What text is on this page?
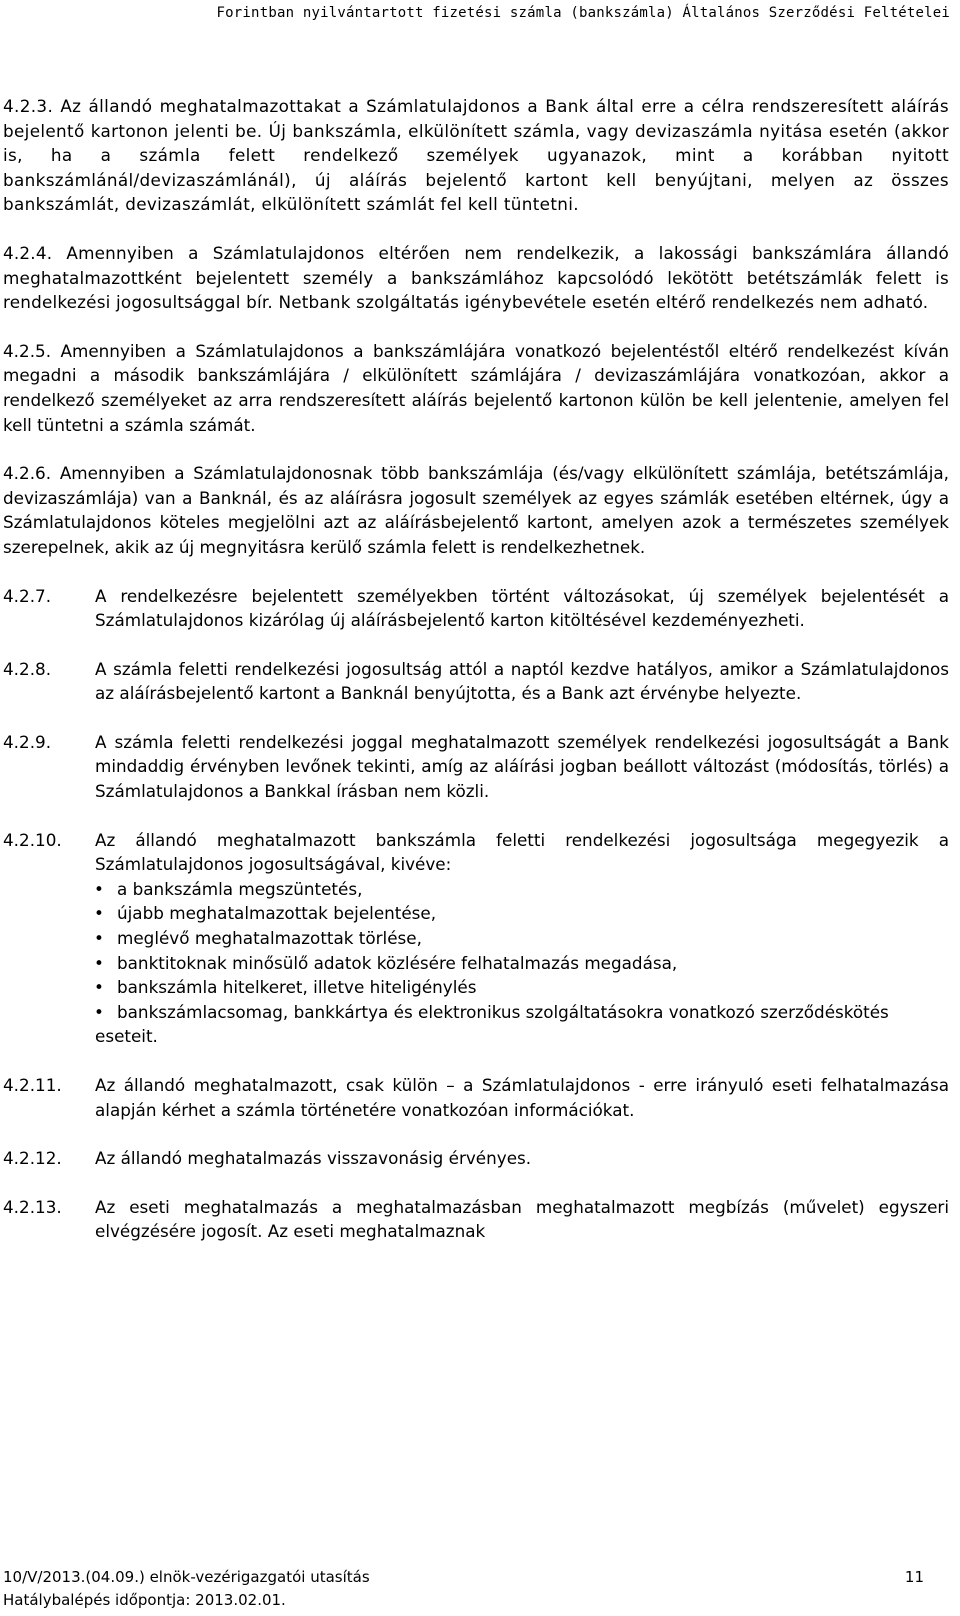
Forintban nyilvántartott fizetési számla (bankszámla) Általános Szerződési Feltételei

4.2.3. Az állandó meghatalmazottakat a Számlatulajdonos a Bank által erre a célra rendszeresített aláírás bejelentő kartonon jelenti be. Új bankszámla, elkülönített számla, vagy devizaszámla nyitása esetén (akkor is, ha a számla felett rendelkező személyek ugyanazok, mint a korábban nyitott bankszámlánál/devizaszámlánál), új aláírás bejelentő kartont kell benyújtani, melyen az összes bankszámlát, devizaszámlát, elkülönített számlát fel kell tüntetni.

4.2.4. Amennyiben a Számlatulajdonos eltérően nem rendelkezik, a lakossági bankszámlára állandó meghatalmazottként bejelentett személy a bankszámlához kapcsolódó lekötött betétszámlák felett is rendelkezési jogosultsággal bír. Netbank szolgáltatás igénybevétele esetén eltérő rendelkezés nem adható.

4.2.5. Amennyiben a Számlatulajdonos a bankszámlájára vonatkozó bejelentéstől eltérő rendelkezést kíván megadni a második bankszámlájára / elkülönített számlájára / devizaszámlájára vonatkozóan, akkor a rendelkező személyeket az arra rendszeresített aláírás bejelentő kartonon külön be kell jelentenie, amelyen fel kell tüntetni a számla számát.

4.2.6. Amennyiben a Számlatulajdonosnak több bankszámlája (és/vagy elkülönített számlája, betétszámlája, devizaszámlája) van a Banknál, és az aláírásra jogosult személyek az egyes számlák esetében eltérnek, úgy a Számlatulajdonos köteles megjelölni azt az aláírásbejelentő kartont, amelyen azok a természetes személyek szerepelnek, akik az új megnyitásra kerülő számla felett is rendelkezhetnek.

4.2.7.	A rendelkezésre bejelentett személyekben történt változásokat, új személyek bejelentését a Számlatulajdonos kizárólag új aláírásbejelentő karton kitöltésével kezdeményezheti.
4.2.8.	A számla feletti rendelkezési jogosultság attól a naptól kezdve hatályos, amikor a Számlatulajdonos az aláírásbejelentő kartont a Banknál benyújtotta, és a Bank azt érvénybe helyezte.
4.2.9.	A számla feletti rendelkezési joggal meghatalmazott személyek rendelkezési jogosultságát a Bank mindaddig érvényben levőnek tekinti, amíg az aláírási jogban beállott változást (módosítás, törlés) a Számlatulajdonos a Bankkal írásban nem közli.
4.2.10. Az állandó meghatalmazott bankszámla feletti rendelkezési jogosultsága megegyezik a Számlatulajdonos jogosultságával, kivéve:
• a bankszámla megszüntetés,
• újabb meghatalmazottak bejelentése,
• meglévő meghatalmazottak törlése,
• banktitoknak minősülő adatok közlésére felhatalmazás megadása,
• bankszámla hitelkeret, illetve hiteligénylés
• bankszámlacsomag, bankkártya és elektronikus szolgáltatásokra vonatkozó szerződéskötés
eseteit.
4.2.11. Az állandó meghatalmazott, csak külön – a Számlatulajdonos - erre irányuló eseti felhatalmazása alapján kérhet a számla történetére vonatkozóan információkat.
4.2.12. Az állandó meghatalmazás visszavonásig érvényes.
4.2.13. Az eseti meghatalmazás a meghatalmazásban meghatalmazott megbízás (művelet) egyszeri elvégzésére jogosít. Az eseti meghatalmaznak
10/V/2013.(04.09.) elnök-vezérigazgatói utasítás	11
Hatálybalépés időpontja: 2013.02.01.
